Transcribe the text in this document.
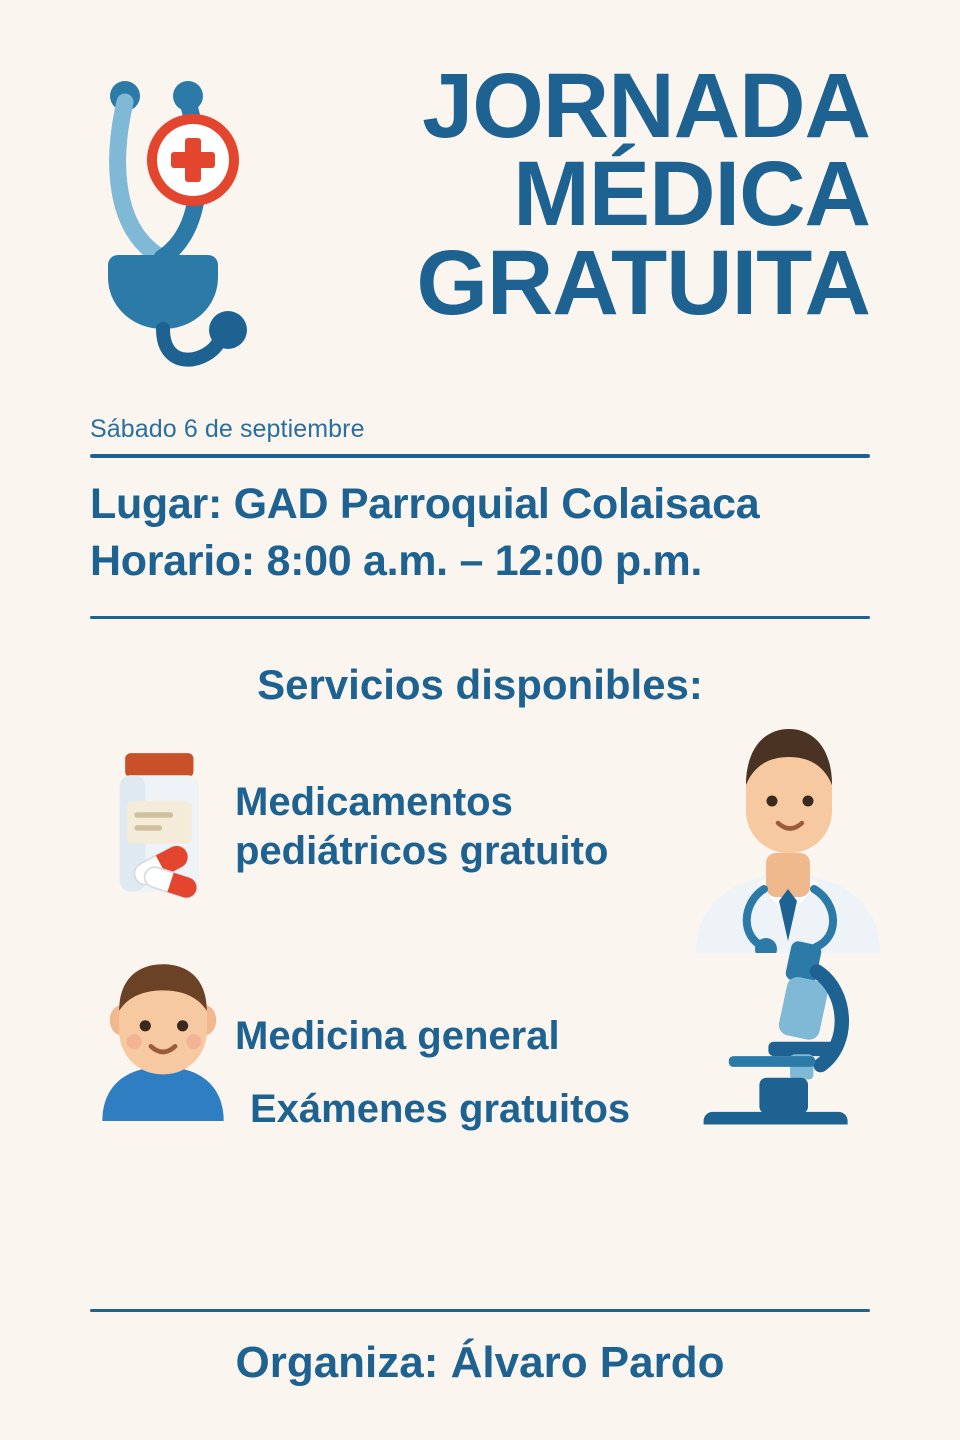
JORNADA
MÉDICA
GRATUITA
Sábado 6 de septiembre
Lugar: GAD Parroquial Colaisaca
Horario: 8:00 a.m. – 12:00 p.m.
Servicios disponibles:
Medicamentos pediátricos gratuito
Medicina general
Exámenes gratuitos
Organiza: Álvaro Pardo
